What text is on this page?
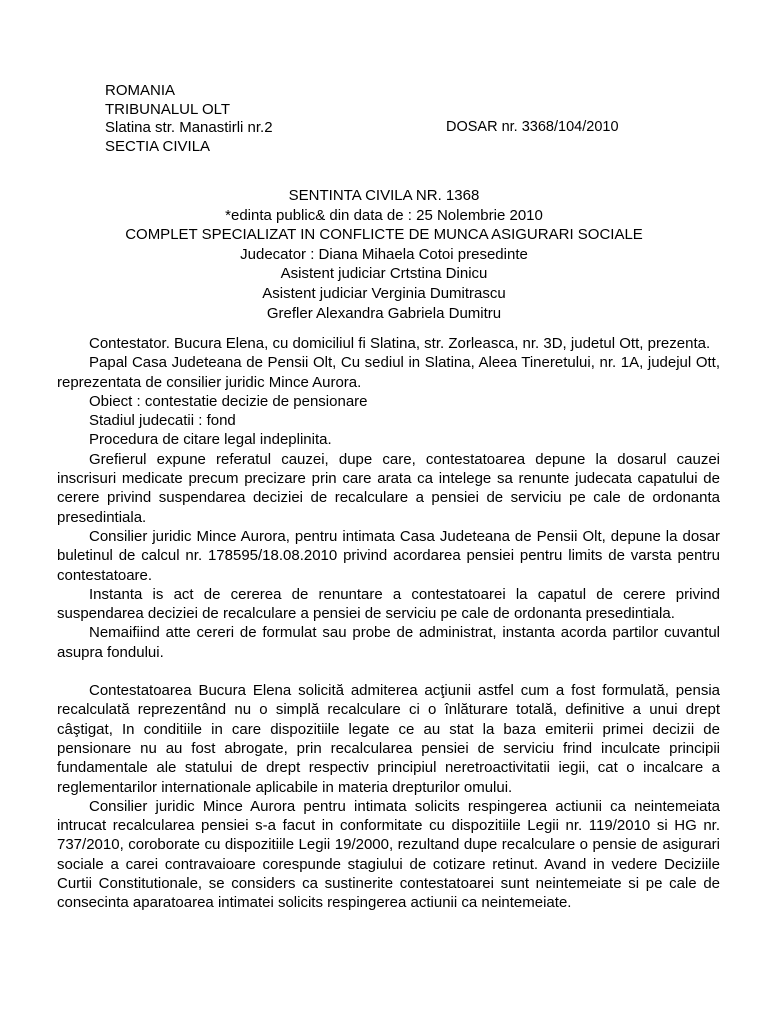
ROMANIA
TRIBUNALUL OLT
Slatina str. Manastirli nr.2
SECTIA CIVILA
DOSAR nr. 3368/104/2010
SENTINTA CIVILA NR. 1368
*edinta public& din data de : 25 Nolembrie 2010
COMPLET SPECIALIZAT IN CONFLICTE DE MUNCA ASIGURARI SOCIALE
Judecator : Diana Mihaela Cotoi presedinte
Asistent judiciar Crtstina Dinicu
Asistent judiciar Verginia Dumitrascu
Grefler Alexandra Gabriela Dumitru

Contestator. Bucura Elena, cu domiciliul fi Slatina, str. Zorleasca, nr. 3D, judetul Ott, prezenta.

Papal Casa Judeteana de Pensii Olt, Cu sediul in Slatina, Aleea Tineretului, nr. 1A, judejul Ott, reprezentata de consilier juridic Mince Aurora.

Obiect : contestatie decizie de pensionare

Stadiul judecatii : fond

Procedura de citare legal indeplinita.

Grefierul expune referatul cauzei, dupe care, contestatoarea depune la dosarul cauzei inscrisuri medicate precum precizare prin care arata ca intelege sa renunte judecata capatului de cerere privind suspendarea deciziei de recalculare a pensiei de serviciu pe cale de ordonanta presedintiala.

Consilier juridic Mince Aurora, pentru intimata Casa Judeteana de Pensii Olt, depune la dosar buletinul de calcul nr. 178595/18.08.2010 privind acordarea pensiei pentru limits de varsta pentru contestatoare.

Instanta is act de cererea de renuntare a contestatoarei la capatul de cerere privind suspendarea deciziei de recalculare a pensiei de serviciu pe cale de ordonanta presedintiala.

Nemaifiind atte cereri de formulat sau probe de administrat, instanta acorda partilor cuvantul asupra fondului.

Contestatoarea Bucura Elena solicită admiterea acţiunii astfel cum a fost formulată, pensia recalculată reprezentând nu o simplă recalculare ci o înlăturare totală, definitive a unui drept câştigat, In conditiile in care dispozitiile legate ce au stat la baza emiterii primei decizii de pensionare nu au fost abrogate, prin recalcularea pensiei de serviciu frind inculcate principii fundamentale ale statului de drept respectiv principiul neretroactivitatii iegii, cat o incalcare a reglementarilor internationale aplicabile in materia drepturilor omului.

Consilier juridic Mince Aurora pentru intimata solicits respingerea actiunii ca neintemeiata intrucat recalcularea pensiei s-a facut in conformitate cu dispozitiile Legii nr. 119/2010 si HG nr. 737/2010, coroborate cu dispozitiile Legii 19/2000, rezultand dupe recalculare o pensie de asigurari sociale a carei contravaioare corespunde stagiului de cotizare retinut. Avand in vedere Deciziile Curtii Constitutionale, se considers ca sustinerite contestatoarei sunt neintemeiate si pe cale de consecinta aparatoarea intimatei solicits respingerea actiunii ca neintemeiate.
